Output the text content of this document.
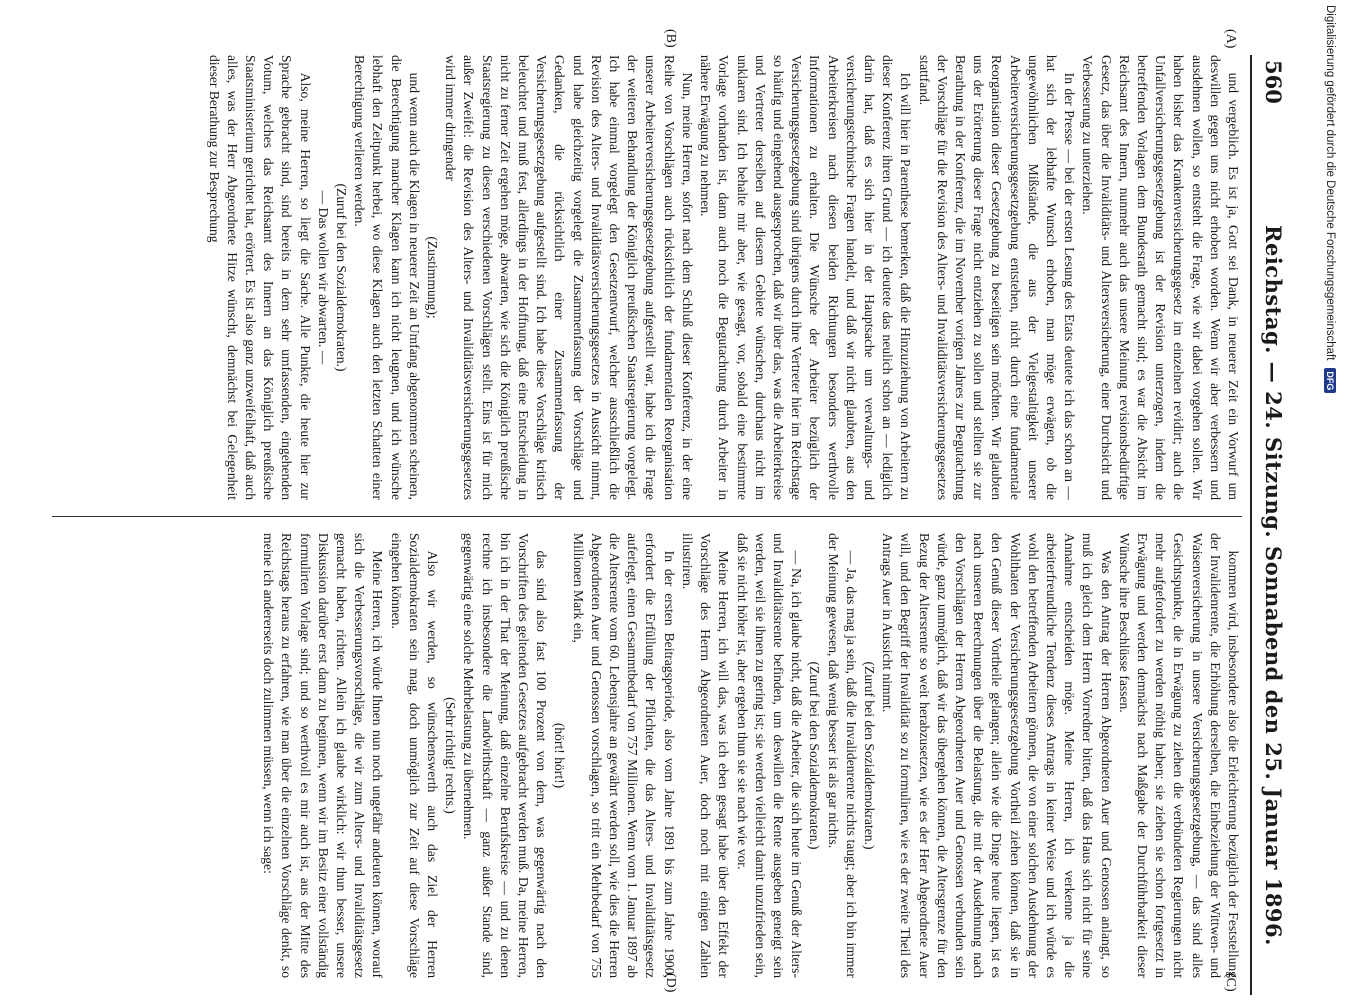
560
Reichstag. — 24. Sitzung. Sonnabend den 25. Januar 1896.

und vergeblich. Es ist ja, Gott sei Dank, in neuerer Zeit ein Vorwurf um deswillen gegen uns nicht erhoben worden. Wenn wir aber verbessern und ausdehnen wollen, so entsteht die Frage, wie wir dabei vorgehen sollen. Wir haben bisher das Krankenversicherungsgesetz im einzelnen revidirt; auch die Unfallversicherungsgesetzgebung ist der Revision unterzogen, indem die betreffenden Vorlagen dem Bundesrath gemacht sind; es war die Absicht im Reichsamt des Innern, nunmehr auch das unsere Meinung revisionsbedürftige Gesetz, das über die Invaliditäts- und Altersversicherung, einer Durchsicht und Verbesserung zu unterziehen.

In der Presse — bei der ersten Lesung des Etats deutete ich das schon an — hat sich der lebhafte Wunsch erhoben, man möge erwägen, ob die ungewöhnlichen Mißstände, die aus der Vielgestaltigkeit unserer Arbeiterversicherungsgesetzgebung entstehen, nicht durch eine fundamentale Reorganisation dieser Gesetzgebung zu beseitigen sein möchten. Wir glaubten uns der Erörterung dieser Frage nicht entziehen zu sollen und stellten sie zur Berathung in der Konferenz, die im November vorigen Jahres zur Begutachtung der Vorschläge für die Revision des Alters- und Invaliditätsversicherungsgesetzes stattfand.

Ich will hier in Parenthese bemerken, daß die Hinzuziehung von Arbeitern zu dieser Konferenz ihren Grund — ich deutete das neulich schon an — lediglich darin hat, daß es sich hier in der Hauptsache um verwaltungs- und versicherungstechnische Fragen handelt, und daß wir nicht glaubten, aus den Arbeiterkreisen nach diesen beiden Richtungen besonders werthvolle Informationen zu erhalten. Die Wünsche der Arbeiter bezüglich der Versicherungsgesetzgebung sind übrigens durch ihre Vertreter hier im Reichstage so häufig und eingehend ausgesprochen, daß wir über das, was die Arbeiterkreise und Vertreter derselben auf diesem Gebiete wünschen, durchaus nicht im unklaren sind. Ich behalte mir aber, wie gesagt, vor, sobald eine bestimmte Vorlage vorhanden ist, dann auch noch die Begutachtung durch Arbeiter in nähere Erwägung zu nehmen.

Nun, meine Herren, sofort nach dem Schluß dieser Konferenz, in der eine Reihe von Vorschlägen auch rücksichtlich der fundamentalen Reorganisation unserer Arbeiterversicherungsgesetzgebung aufgestellt war, habe ich die Frage der weiteren Behandlung der Königlich preußischen Staatsregierung vorgelegt. Ich habe einmal vorgelegt den Gesetzentwurf, welcher ausschließlich die Revision des Alters- und Invaliditätsversicherungsgesetzes in Aussicht nimmt, und habe gleichzeitig vorgelegt die Zusammenfassung der Vorschläge und Gedanken, die rücksichtlich einer Zusammenfassung der Versicherungsgesetzgebung aufgestellt sind. Ich habe diese Vorschläge kritisch beleuchtet und muß fest, allerdings in der Hoffnung, daß eine Entscheidung in nicht zu ferner Zeit ergehen möge, abwarten, wie sich die Königlich preußische Staatsregierung zu diesen verschiedenen Vorschlägen stellt. Eins ist für mich außer Zweifel: die Revision des Alters- und Invaliditätsversicherungsgesetzes wird immer dringender

(Zustimmung);

und wenn auch die Klagen in neuerer Zeit an Umfang abgenommen scheinen, die Berechtigung mancher Klagen kann ich nicht leugnen, und ich wünsche lebhaft den Zeitpunkt herbei, wo diese Klagen auch den letzten Schatten einer Berechtigung verlieren werden.

(Zuruf bei den Sozialdemokraten.)

— Das wollen wir abwarten. —

Also, meine Herren, so liegt die Sache. Alle Punkte, die heute hier zur Sprache gebracht sind, sind bereits in dem sehr umfassenden, eingehenden Votum, welches das Reichsamt des Innern an das Königlich preußische Staatsministerium gerichtet hat, erörtert. Es ist also ganz unzweifelhaft, daß auch alles, was der Herr Abgeordnete Hitze wünscht, demnächst bei Gelegenheit dieser Berathung zur Besprechung

kommen wird, insbesondere also die Erleichterung bezüglich der Feststellung der Invalidenrente, die Erhöhung derselben, die Einbeziehung der Wittwen- und Waisenversicherung in unsere Versicherungsgesetzgebung, — das sind alles Gesichtspunkte, die in Erwägung zu ziehen die verbündeten Regierungen nicht mehr aufgefordert zu werden nöthig haben; sie ziehen sie schon fortgesetzt in Erwägung und werden demnächst nach Maßgabe der Durchführbarkeit dieser Wünsche ihre Beschlüsse fassen.

Was den Antrag der Herren Abgeordneten Auer und Genossen anlangt, so muß ich gleich dem Herrn Vorredner bitten, daß das Haus sich nicht für seine Annahme entscheiden möge. Meine Herren, ich verkenne ja die arbeiterfreundliche Tendenz dieses Antrags in keiner Weise und ich würde es wohl den betreffenden Arbeitern gönnen, die von einer solchen Ausdehnung der Wohlthaten der Versicherungsgesetzgebung Vortheil ziehen können, daß sie in den Genuß dieser Vortheile gelangen; allein wie die Dinge heute liegen, ist es nach unseren Berechnungen über die Belastung, die mit der Ausdehnung nach den Vorschlägen der Herren Abgeordneten Auer und Genossen verbunden sein würde, ganz unmöglich, daß wir das übergehen können, die Altersgrenze für den Bezug der Altersrente so weit herabzusetzen, wie es der Herr Abgeordnete Auer will, und den Begriff der Invalidität so zu formuliren, wie es der zweite Theil des Antrags Auer in Aussicht nimmt.

(Zuruf bei den Sozialdemokraten.)

— Ja, das mag ja sein, daß die Invalidenrente nichts taugt; aber ich bin immer der Meinung gewesen, daß wenig besser ist als gar nichts.

(Zuruf bei den Sozialdemokraten.)

— Na, ich glaube nicht, daß die Arbeiter, die sich heute im Genuß der Alters- und Invaliditätsrente befinden, um deswillen die Rente ausgeben geneigt sein werden, weil sie ihnen zu gering ist; sie werden vielleicht damit unzufrieden sein, daß sie nicht höher ist, aber ergeben thun sie sie nach wie vor.

Meine Herren, ich will das, was ich eben gesagt habe über den Effekt der Vorschläge des Herrn Abgeordneten Auer, doch noch mit einigen Zahlen illustriren.

In der ersten Beitragsperiode, also vom Jahre 1891 bis zum Jahre 1900, erfordert die Erfüllung der Pflichten, die das Alters- und Invaliditätsgesetz auferlegt, einen Gesammtbedarf von 757 Millionen. Wenn vom 1. Januar 1897 ab die Altersrente vom 60. Lebensjahre an gewährt werden soll, wie dies die Herren Abgeordneten Auer und Genossen vorschlagen, so tritt ein Mehrbedarf von 755 Millionen Mark ein,

(hört! hört!)

das sind also fast 100 Prozent von dem, was gegenwärtig nach den Vorschriften des geltenden Gesetzes aufgebracht werden muß. Da, meine Herren, bin ich in der That der Meinung, daß einzelne Berufskreise — und zu denen rechne ich insbesondere die Landwirthschaft — ganz außer Stande sind, gegenwärtig eine solche Mehrbelastung zu übernehmen.

(Sehr richtig! rechts.)

Also wir werden, so wünschenswerth auch das Ziel der Herren Sozialdemokraten sein mag, doch unmöglich zur Zeit auf diese Vorschläge eingehen können.

Meine Herren, ich würde Ihnen nun noch ungefähr andeuten können, worauf sich die Verbesserungsvorschläge, die wir zum Alters- und Invaliditätsgesetz gemacht haben, richten. Allein ich glaube wirklich: wir thun besser, unsere Diskussion darüber erst dann zu beginnen, wenn wir im Besitz einer vollständig formulirten Vorlage sind; und so werthvoll es mir auch ist, aus der Mitte des Reichstags heraus zu erfahren, wie man über die einzelnen Vorschläge denkt, so meine ich andererseits doch zulimmen müssen, wenn ich sage:

(A)
(B)
(C)
(D)
Digitalisierung gefördert durch die Deutsche Forschungsgemeinschaft
DFG
